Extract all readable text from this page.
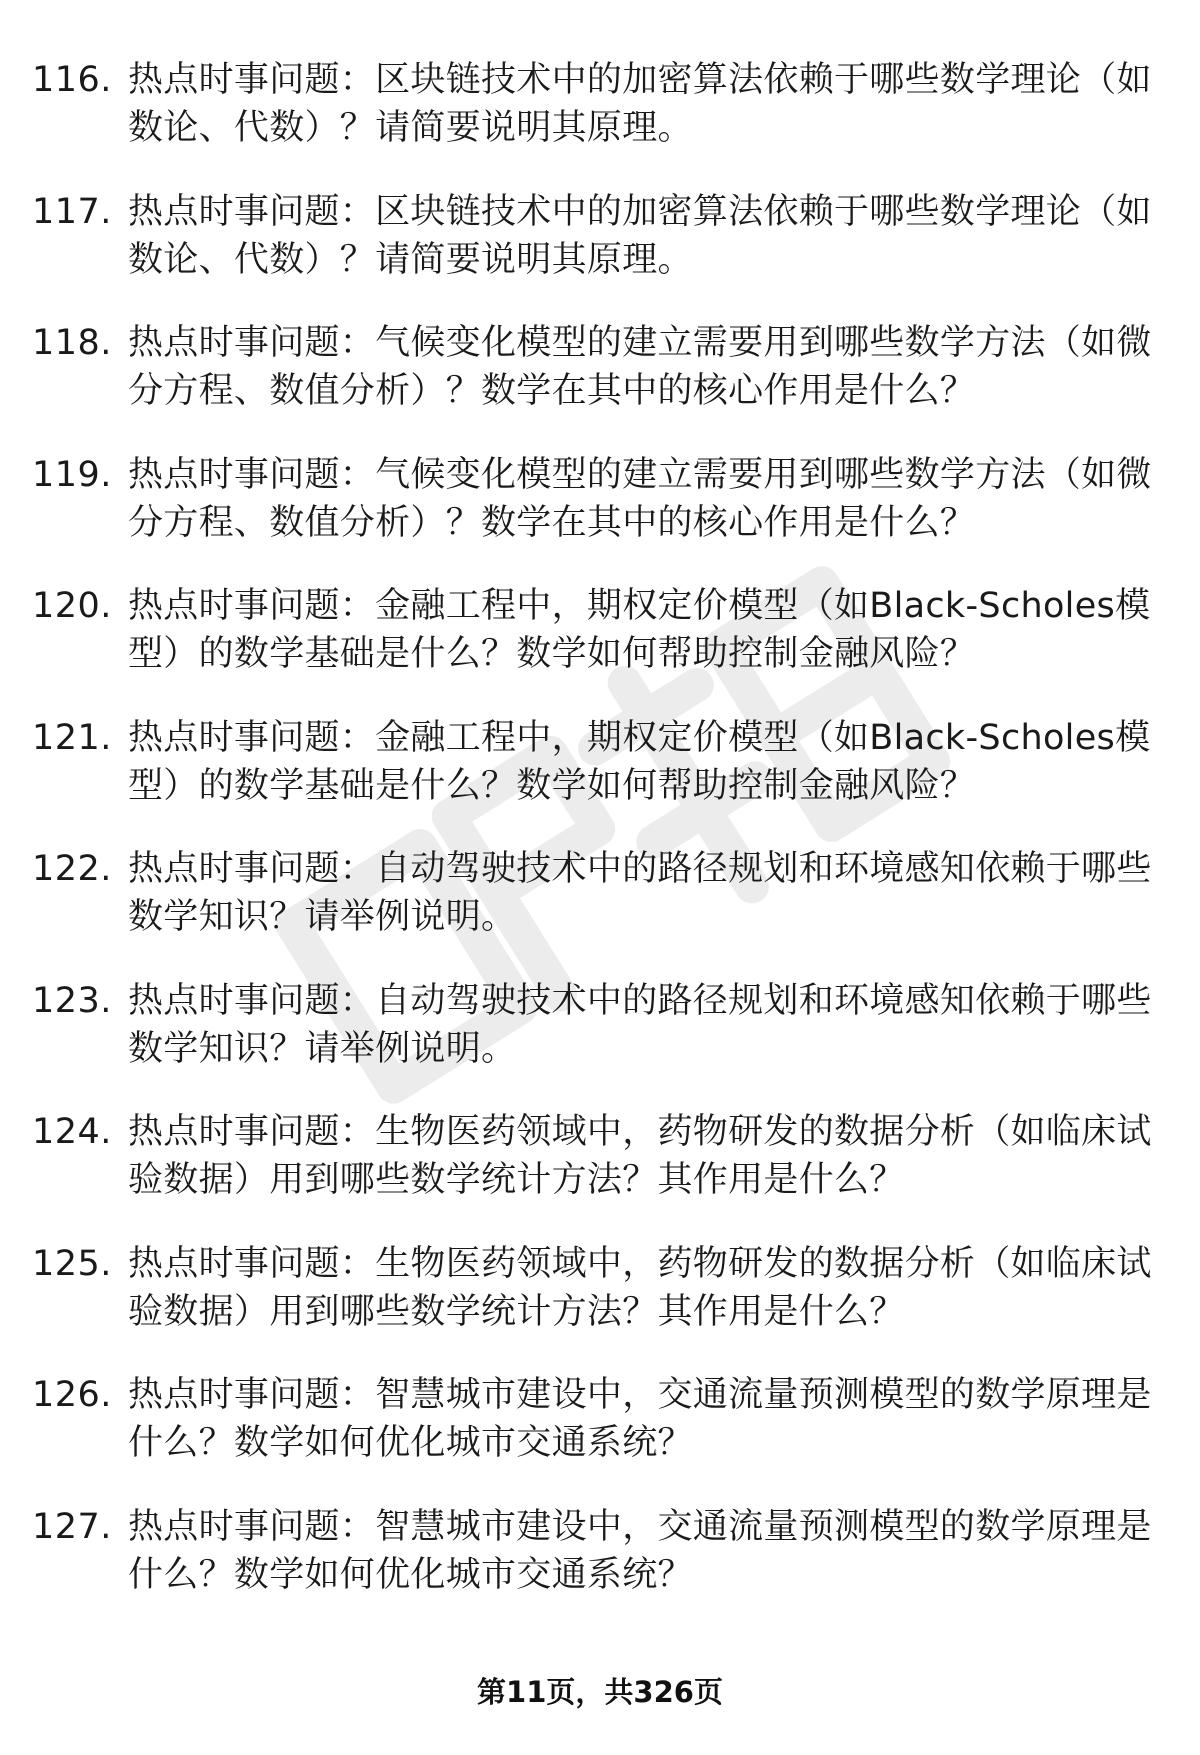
116. 热点时事问题：区块链技术中的加密算法依赖于哪些数学理论（如数论、代数）？请简要说明其原理。
117. 热点时事问题：区块链技术中的加密算法依赖于哪些数学理论（如数论、代数）？请简要说明其原理。
118. 热点时事问题：气候变化模型的建立需要用到哪些数学方法（如微分方程、数值分析）？数学在其中的核心作用是什么？
119. 热点时事问题：气候变化模型的建立需要用到哪些数学方法（如微分方程、数值分析）？数学在其中的核心作用是什么？
120. 热点时事问题：金融工程中，期权定价模型（如Black-Scholes模型）的数学基础是什么？数学如何帮助控制金融风险？
121. 热点时事问题：金融工程中，期权定价模型（如Black-Scholes模型）的数学基础是什么？数学如何帮助控制金融风险？
122. 热点时事问题：自动驾驶技术中的路径规划和环境感知依赖于哪些数学知识？请举例说明。
123. 热点时事问题：自动驾驶技术中的路径规划和环境感知依赖于哪些数学知识？请举例说明。
124. 热点时事问题：生物医药领域中，药物研发的数据分析（如临床试验数据）用到哪些数学统计方法？其作用是什么？
125. 热点时事问题：生物医药领域中，药物研发的数据分析（如临床试验数据）用到哪些数学统计方法？其作用是什么？
126. 热点时事问题：智慧城市建设中，交通流量预测模型的数学原理是什么？数学如何优化城市交通系统？
127. 热点时事问题：智慧城市建设中，交通流量预测模型的数学原理是什么？数学如何优化城市交通系统？
第11页，共326页
